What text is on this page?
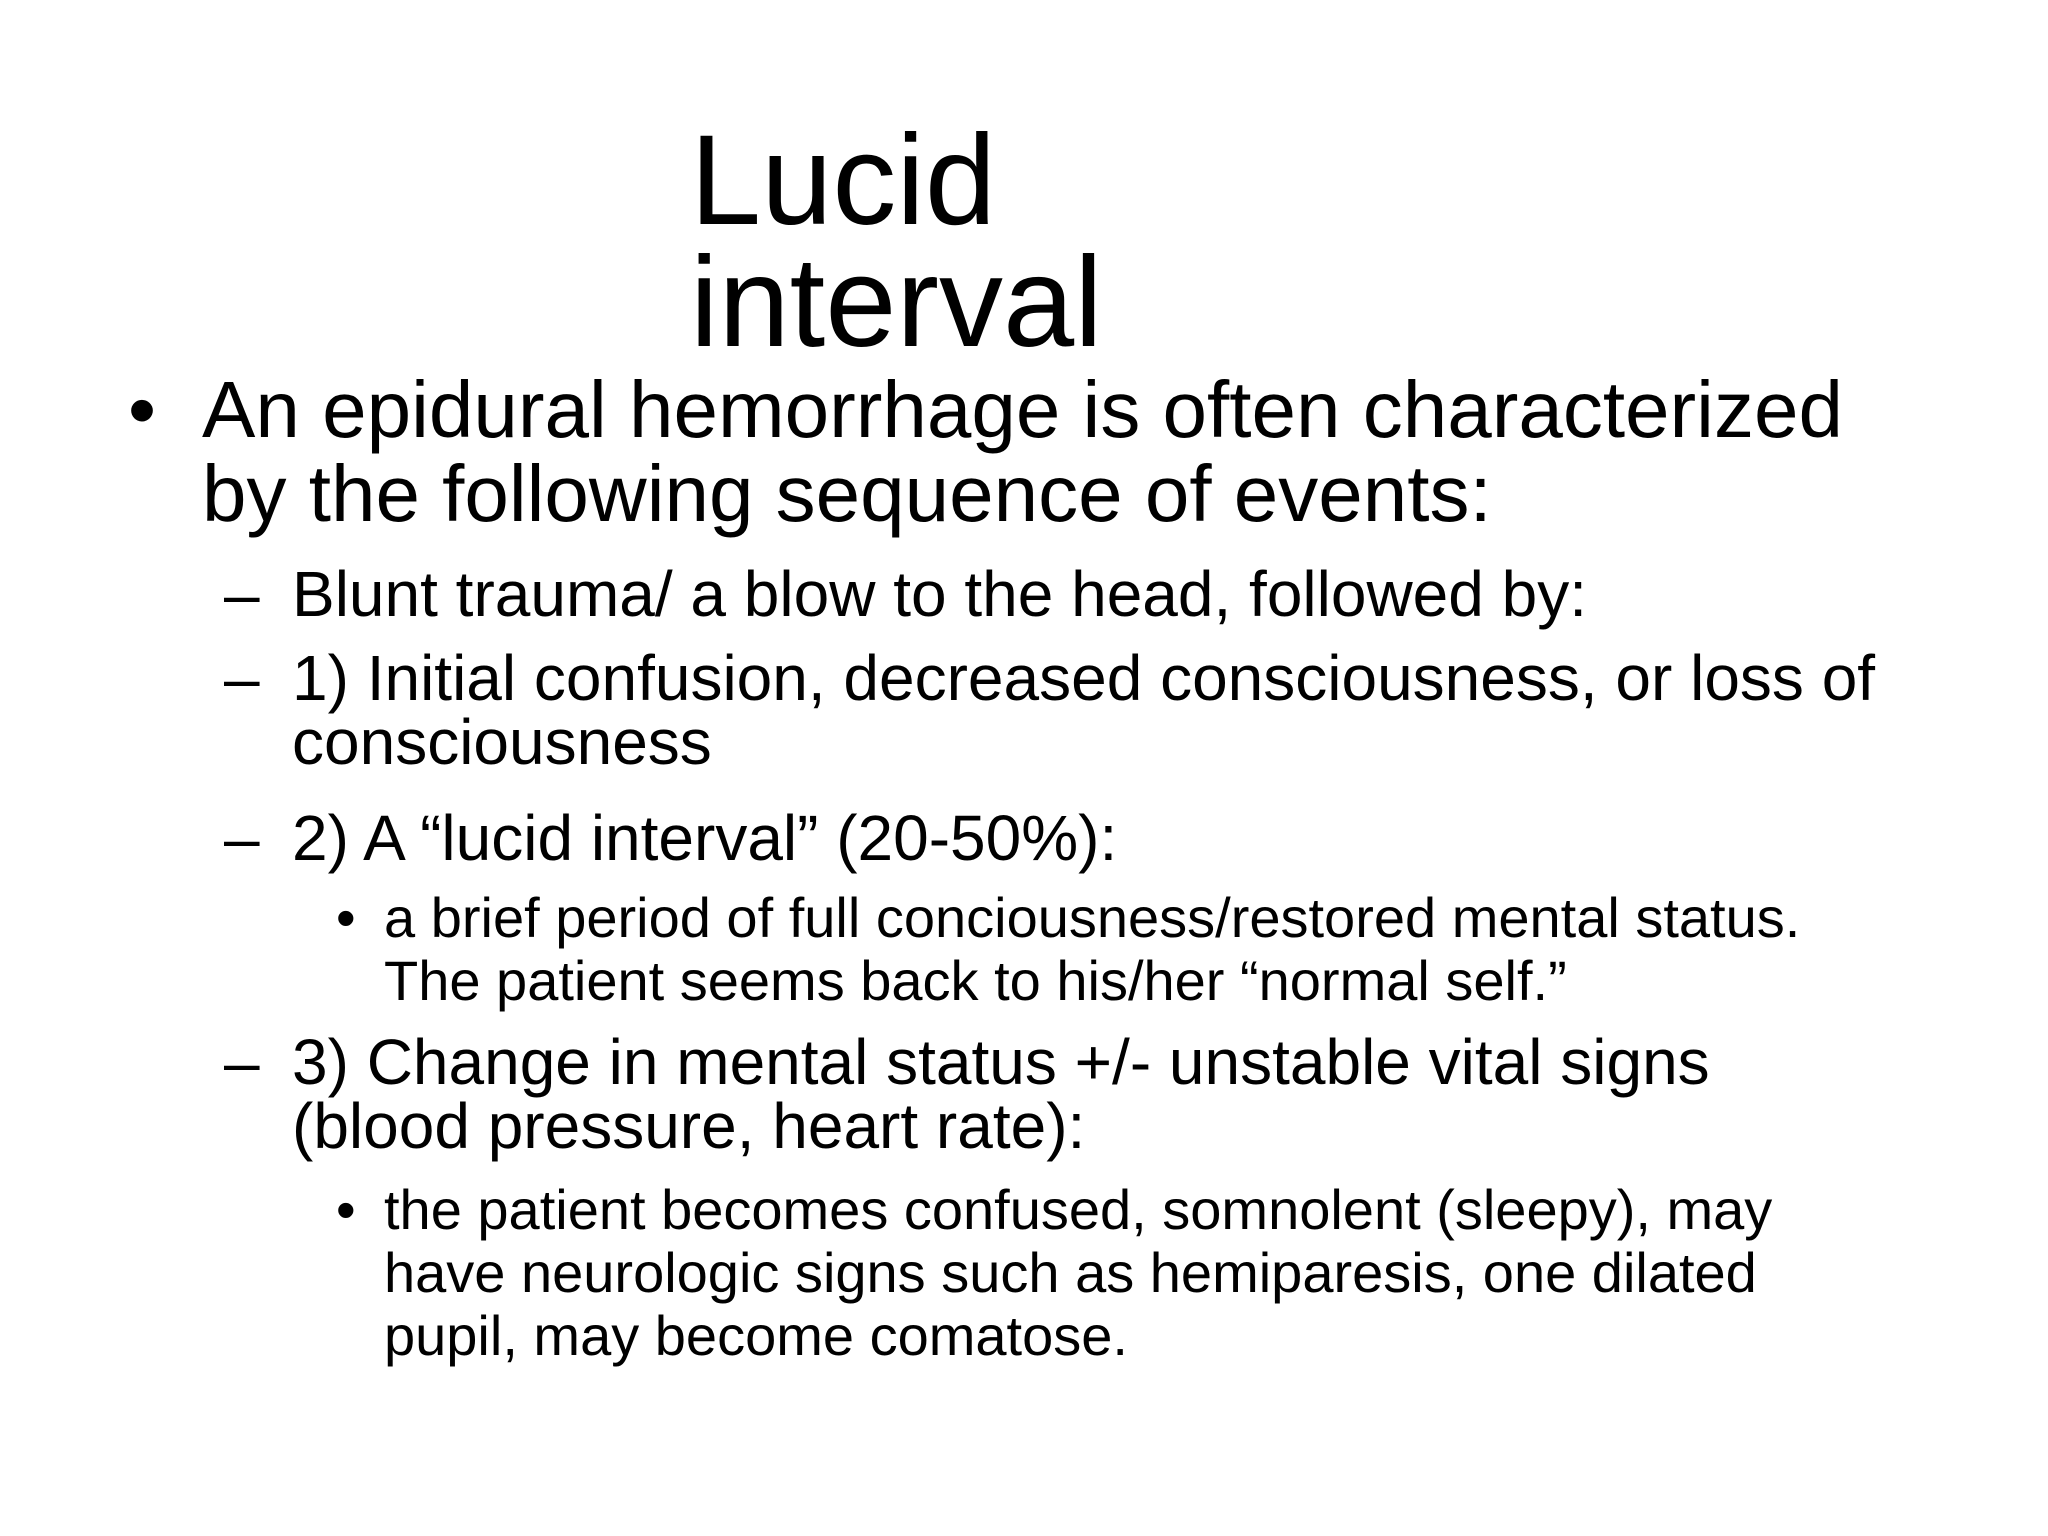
Lucid
interval
• An epidural hemorrhage is often characterized
by the following sequence of events:
– Blunt trauma/ a blow to the head, followed by:
– 1) Initial confusion, decreased consciousness, or loss of
consciousness
– 2) A “lucid interval” (20-50%):
• a brief period of full conciousness/restored mental status.
The patient seems back to his/her “normal self.”
– 3) Change in mental status +/- unstable vital signs
(blood pressure, heart rate):
• the patient becomes confused, somnolent (sleepy), may
have neurologic signs such as hemiparesis, one dilated
pupil, may become comatose.
